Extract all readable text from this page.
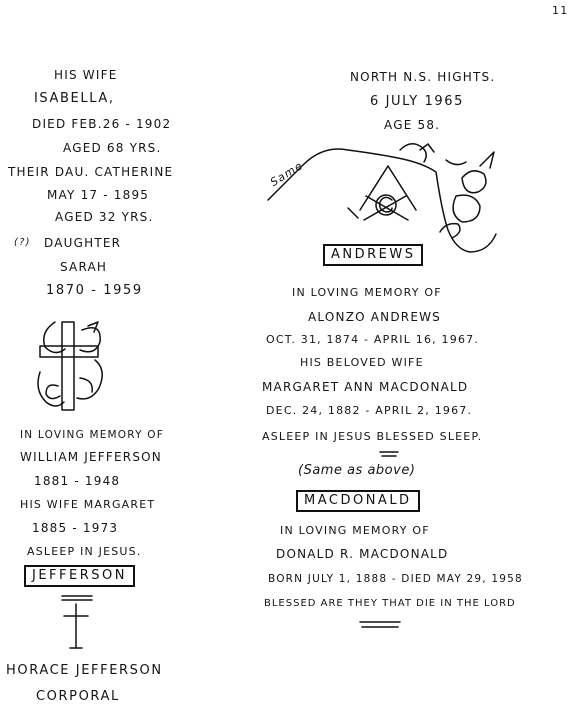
11
HIS WIFE
ISABELLA,
DIED FEB.26 - 1902
AGED 68 YRS.
THEIR DAU. CATHERINE
MAY 17 - 1895
AGED 32 YRS.
(?) DAUGHTER
SARAH
1870 - 1959
IN LOVING MEMORY OF
WILLIAM JEFFERSON
1881 - 1948
HIS WIFE MARGARET
1885 - 1973
ASLEEP IN JESUS.
JEFFERSON
HORACE JEFFERSON
CORPORAL
NORTH N.S. HIGHTS.
6 JULY 1965
AGE 58.
Same
ANDREWS
IN LOVING MEMORY OF
ALONZO ANDREWS
OCT. 31, 1874 - APRIL 16, 1967.
HIS BELOVED WIFE
MARGARET ANN MACDONALD
DEC. 24, 1882 - APRIL 2, 1967.
ASLEEP IN JESUS BLESSED SLEEP.
(Same as above)
MACDONALD
IN LOVING MEMORY OF
DONALD R. MACDONALD
BORN JULY 1, 1888 - DIED MAY 29, 1958
BLESSED ARE THEY THAT DIE IN THE LORD
